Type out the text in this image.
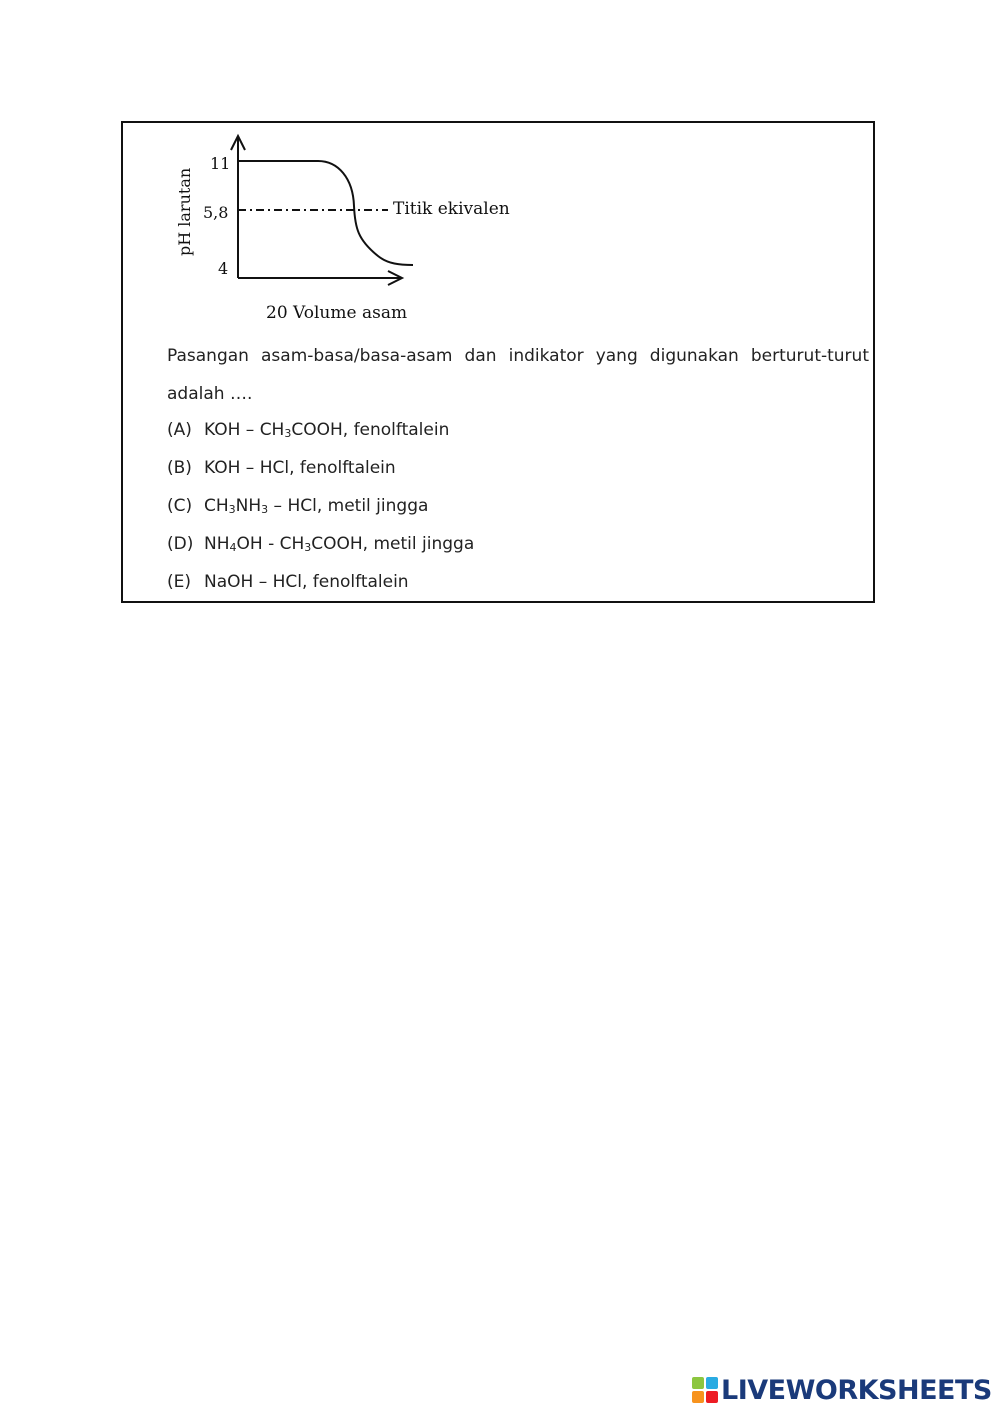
11
5,8
4
pH larutan	Titik ekivalen
20 Volume asam

Pasangan asam-basa/basa-asam dan indikator yang digunakan berturut-turut adalah ….

(A) KOH – $CH_3COOH$, fenolftalein
(B) KOH – HCl, fenolftalein
(C) $CH_3NH_3$ – HCl, metil jingga
(D) $NH_4OH$ - $CH_3COOH$, metil jingga
(E) NaOH – HCl, fenolftalein
LIVEWORKSHEETS
